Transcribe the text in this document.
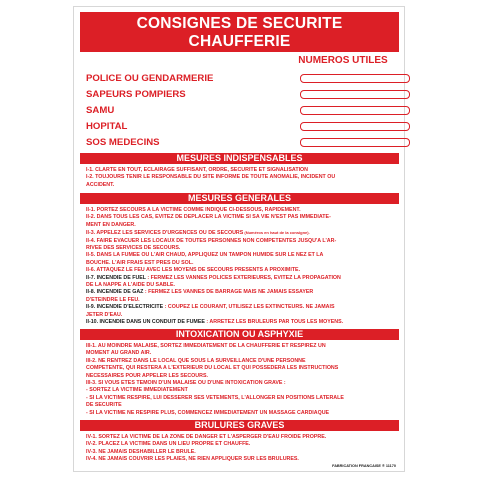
CONSIGNES DE SECURITE
CHAUFFERIE
NUMEROS UTILES
POLICE OU GENDARMERIE
SAPEURS POMPIERS
SAMU
HOPITAL
SOS MEDECINS
MESURES INDISPENSABLES
I-1. CLARTE EN TOUT, ECLAIRAGE SUFFISANT, ORDRE, SECURITE ET SIGNALISATION
I-2. TOUJOURS TENIR LE RESPONSABLE DU SITE INFORME DE TOUTE ANOMALIE, INCIDENT OU
ACCIDENT.
MESURES GENERALES
II-1. PORTEZ SECOURS A LA VICTIME COMME INDIQUE CI-DESSOUS, RAPIDEMENT.
II-2. DANS TOUS LES CAS, EVITEZ DE DEPLACER LA VICTIME SI SA VIE N'EST PAS IMMEDIATE-
MENT EN DANGER.
II-3. APPELEZ LES SERVICES D'URGENCES OU DE SECOURS (Numéros en haut de la consigne).
II-4. FAIRE EVACUER LES LOCAUX DE TOUTES PERSONNES NON COMPETENTES JUSQU'A L'AR-
RIVEE DES SERVICES DE SECOURS.
II-5. DANS LA FUMEE OU L'AIR CHAUD, APPLIQUEZ UN TAMPON HUMIDE SUR LE NEZ ET LA
BOUCHE. L'AIR FRAIS EST PRES DU SOL.
II-6. ATTAQUEZ LE FEU AVEC LES MOYENS DE SECOURS PRESENTS A PROXIMITE.
II-7. INCENDIE DE FUEL : FERMEZ LES VANNES POLICES EXTERIEURES, EVITEZ LA PROPAGATION
DE LA NAPPE A L'AIDE DU SABLE.
II-8. INCENDIE DE GAZ : FERMEZ LES VANNES DE BARRAGE MAIS NE JAMAIS ESSAYER
D'ETEINDRE LE FEU.
II-9. INCENDIE D'ELECTRICITE : COUPEZ LE COURANT, UTILISEZ LES EXTINCTEURS. NE JAMAIS
JETER D'EAU.
II-10. INCENDIE DANS UN CONDUIT DE FUMEE : ARRETEZ LES BRULEURS PAR TOUS LES MOYENS.
INTOXICATION OU ASPHYXIE
III-1. AU MOINDRE MALAISE, SORTEZ IMMEDIATEMENT DE LA CHAUFFERIE ET RESPIREZ UN
MOMENT AU GRAND AIR.
III-2. NE RENTREZ DANS LE LOCAL QUE SOUS LA SURVEILLANCE D'UNE PERSONNE
COMPETENTE, QUI RESTERA A L'EXTERIEUR DU LOCAL ET QUI POSSEDERA LES INSTRUCTIONS
NECESSAIRES POUR APPELER LES SECOURS.
III-3. SI VOUS ETES TEMOIN D'UN MALAISE OU D'UNE INTOXICATION GRAVE :
- SORTEZ LA VICTIME IMMEDIATEMENT
- SI LA VICTIME RESPIRE, LUI DESSERER SES VETEMENTS, L'ALLONGER EN POSITIONS LATERALE
DE SECURITE
- SI LA VICTIME NE RESPIRE PLUS, COMMENCEZ IMMEDIATEMENT UN MASSAGE CARDIAQUE
BRULURES GRAVES
IV-1. SORTEZ LA VICTIME DE LA ZONE DE DANGER ET L'ASPERGER D'EAU FROIDE PROPRE.
IV-2. PLACEZ LA VICTIME DANS UN LIEU PROPRE ET CHAUFFE.
IV-3. NE JAMAIS DESHABILLER LE BRULE.
IV-4. NE JAMAIS COUVRIR LES PLAIES, NE RIEN APPLIQUER SUR LES BRULURES.
FABRICATION FRANCAISE ® 11170
